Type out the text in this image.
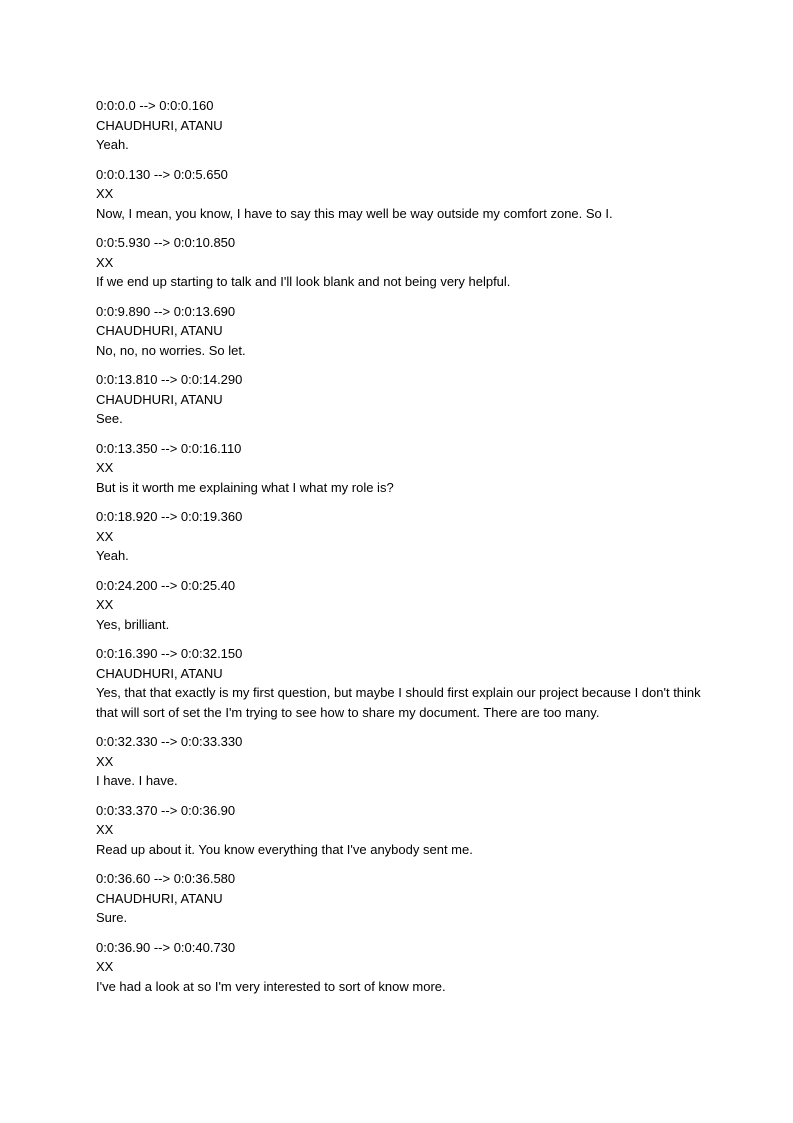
0:0:0.0 --> 0:0:0.160
CHAUDHURI, ATANU
Yeah.
0:0:0.130 --> 0:0:5.650
XX
Now, I mean, you know, I have to say this may well be way outside my comfort zone. So I.
0:0:5.930 --> 0:0:10.850
XX
If we end up starting to talk and I'll look blank and not being very helpful.
0:0:9.890 --> 0:0:13.690
CHAUDHURI, ATANU
No, no, no worries. So let.
0:0:13.810 --> 0:0:14.290
CHAUDHURI, ATANU
See.
0:0:13.350 --> 0:0:16.110
XX
But is it worth me explaining what I what my role is?
0:0:18.920 --> 0:0:19.360
XX
Yeah.
0:0:24.200 --> 0:0:25.40
XX
Yes, brilliant.
0:0:16.390 --> 0:0:32.150
CHAUDHURI, ATANU
Yes, that that exactly is my first question, but maybe I should first explain our project because I don't think that will sort of set the I'm trying to see how to share my document. There are too many.
0:0:32.330 --> 0:0:33.330
XX
I have. I have.
0:0:33.370 --> 0:0:36.90
XX
Read up about it. You know everything that I've anybody sent me.
0:0:36.60 --> 0:0:36.580
CHAUDHURI, ATANU
Sure.
0:0:36.90 --> 0:0:40.730
XX
I've had a look at so I'm very interested to sort of know more.
